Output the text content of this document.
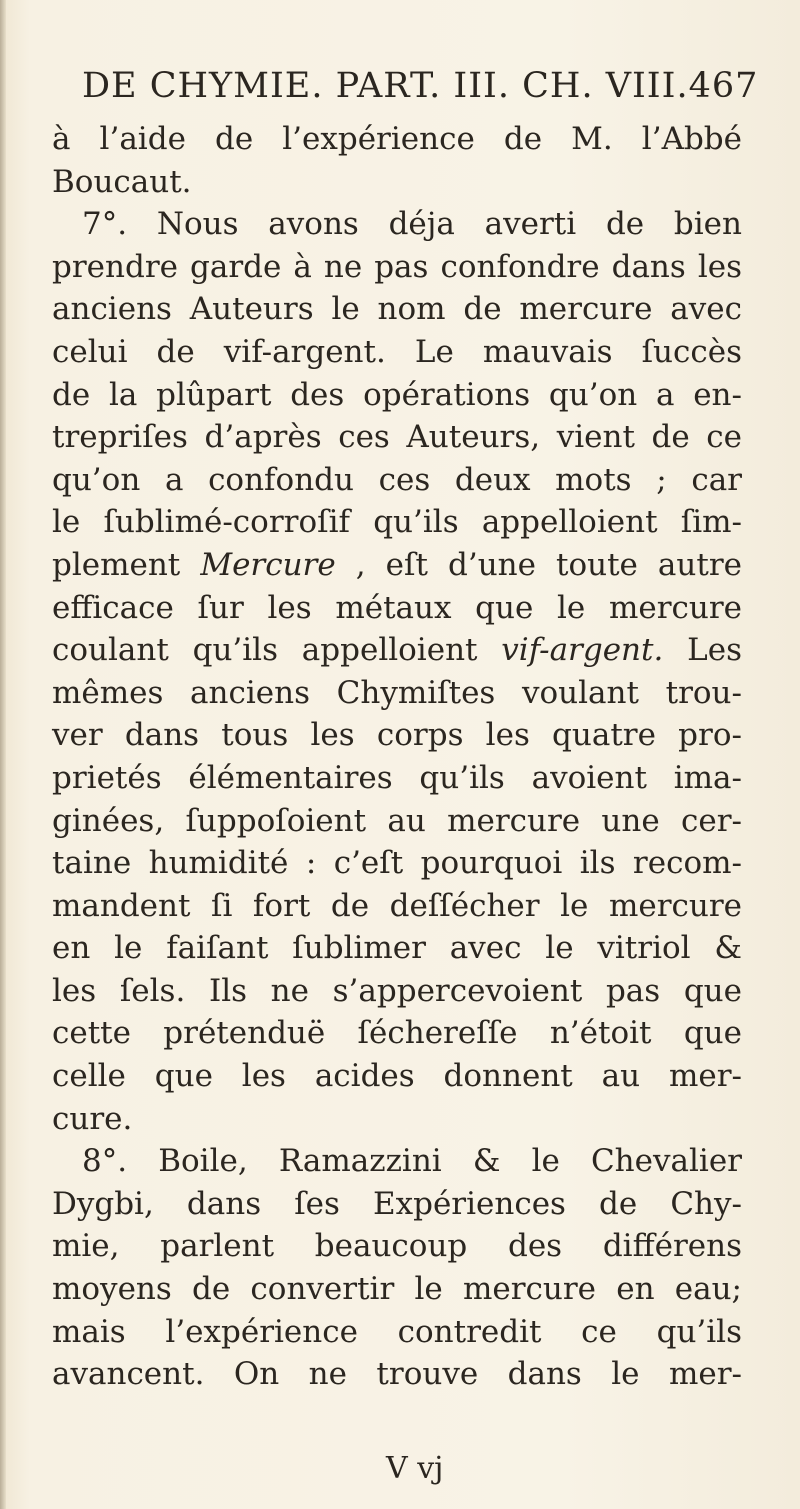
DE CHYMIE. PART. III. CH. VIII. 467
à l’aide de l’expérience de M. l’Abbé
Boucaut.
7°. Nous avons déja averti de bien
prendre garde à ne pas confondre dans les
anciens Auteurs le nom de mercure avec
celui de vif-argent. Le mauvais ſuccès
de la plûpart des opérations qu’on a en-
trepriſes d’après ces Auteurs, vient de ce
qu’on a confondu ces deux mots ; car
le ſublimé-corroſif qu’ils appelloient ſim-
plement Mercure , eſt d’une toute autre
efficace ſur les métaux que le mercure
coulant qu’ils appelloient vif-argent. Les
mêmes anciens Chymiſtes voulant trou-
ver dans tous les corps les quatre pro-
prietés élémentaires qu’ils avoient ima-
ginées, ſuppoſoient au mercure une cer-
taine humidité : c’eſt pourquoi ils recom-
mandent ſi fort de deſſécher le mercure
en le faiſant ſublimer avec le vitriol &
les ſels. Ils ne s’appercevoient pas que
cette prétenduë ſéchereſſe n’étoit que
celle que les acides donnent au mer-
cure.
8°. Boile, Ramazzini & le Chevalier
Dygbi, dans ſes Expériences de Chy-
mie, parlent beaucoup des différens
moyens de convertir le mercure en eau;
mais l’expérience contredit ce qu’ils
avancent. On ne trouve dans le mer-
V vj
